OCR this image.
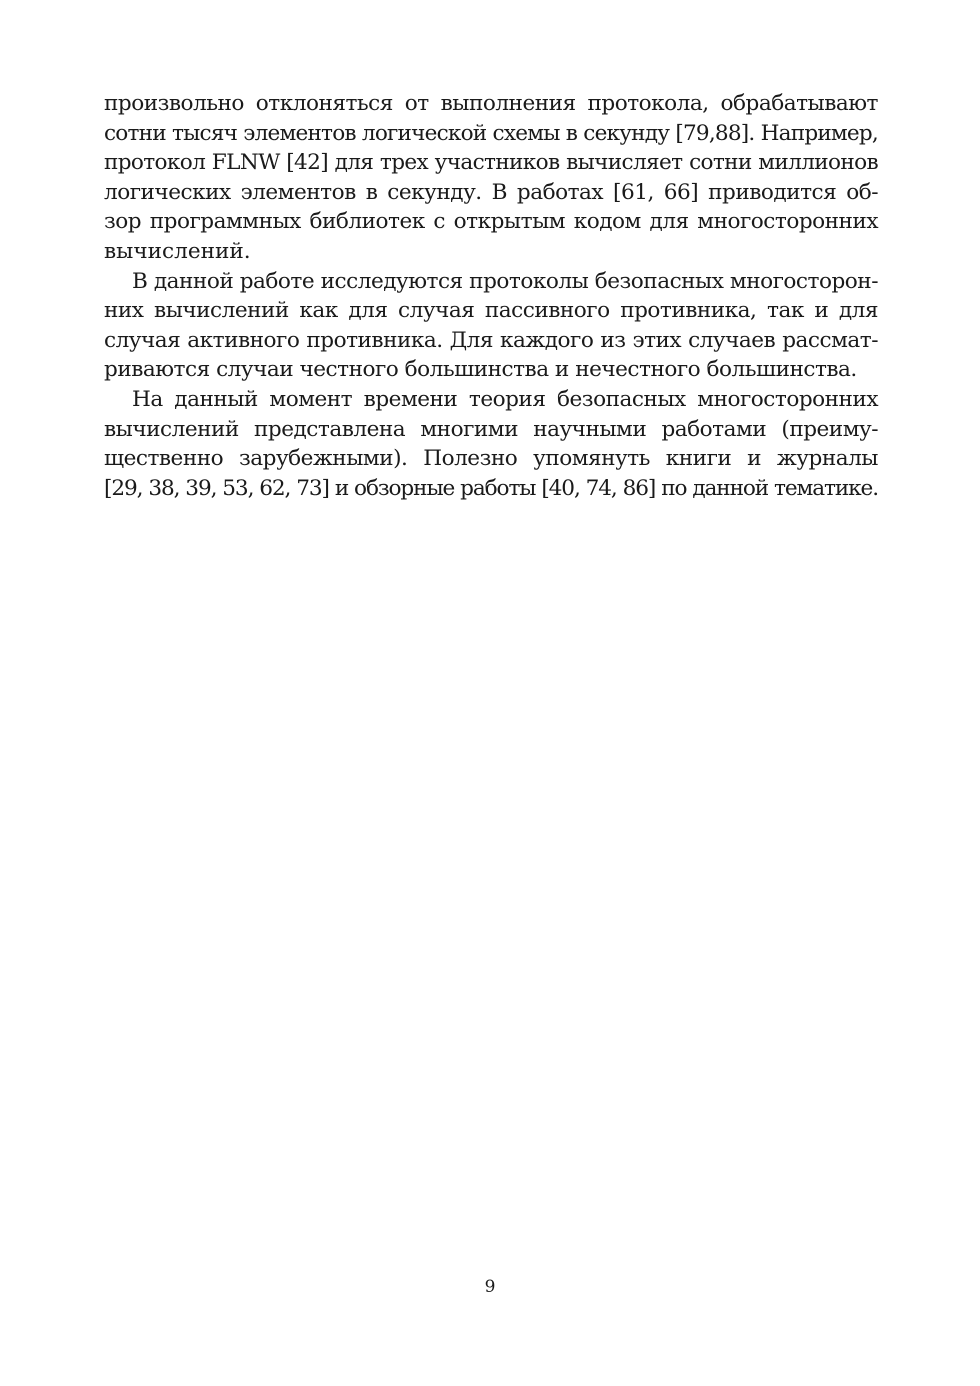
произвольно отклоняться от выполнения протокола, обрабатывают
сотни тысяч элементов логической схемы в секунду [79,88]. Например,
протокол FLNW [42] для трех участников вычисляет сотни миллионов
логических элементов в секунду. В работах [61, 66] приводится об-
зор программных библиотек с открытым кодом для многосторонних
вычислений.
В данной работе исследуются протоколы безопасных многосторон-
них вычислений как для случая пассивного противника, так и для
случая активного противника. Для каждого из этих случаев рассмат-
риваются случаи честного большинства и нечестного большинства.
На данный момент времени теория безопасных многосторонних
вычислений представлена многими научными работами (преиму-
щественно зарубежными). Полезно упомянуть книги и журналы
[29, 38, 39, 53, 62, 73] и обзорные работы [40, 74, 86] по данной тематике.
9
